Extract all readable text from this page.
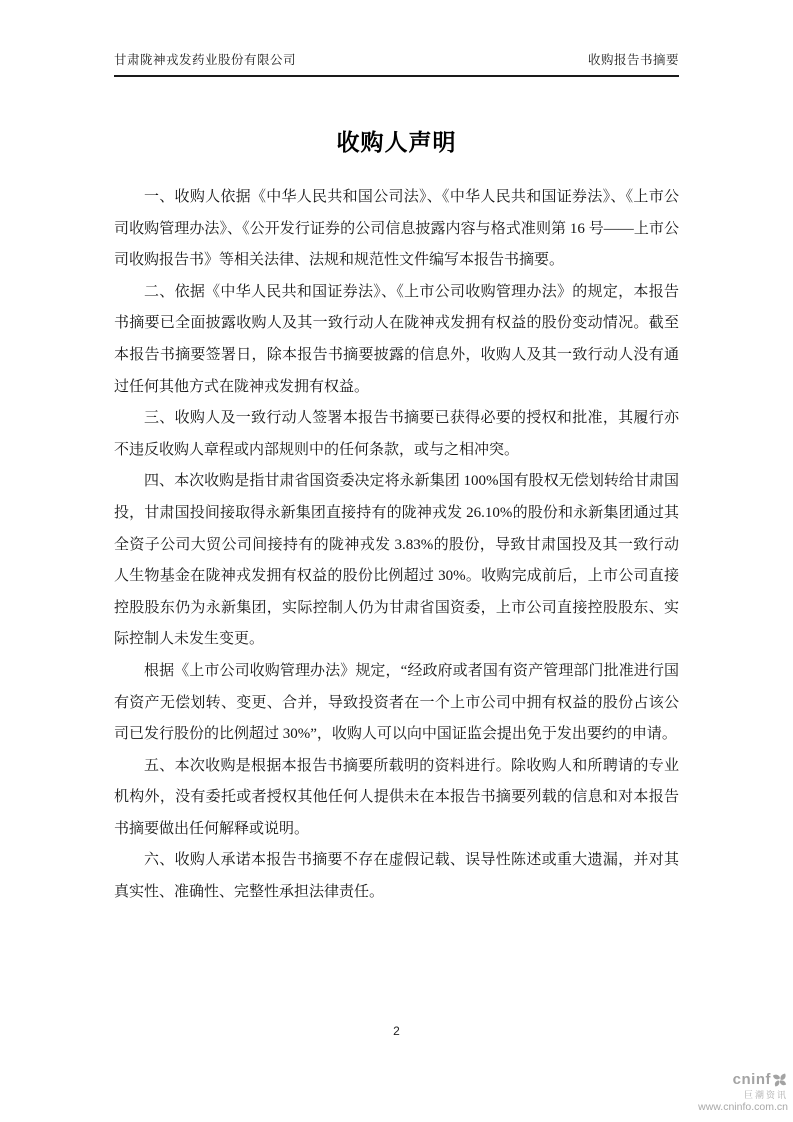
甘肃陇神戎发药业股份有限公司	收购报告书摘要
收购人声明

一、收购人依据《中华人民共和国公司法》、《中华人民共和国证券法》、《上市公司收购管理办法》、《公开发行证券的公司信息披露内容与格式准则第 16 号——上市公司收购报告书》等相关法律、法规和规范性文件编写本报告书摘要。

二、依据《中华人民共和国证券法》、《上市公司收购管理办法》的规定，本报告书摘要已全面披露收购人及其一致行动人在陇神戎发拥有权益的股份变动情况。截至本报告书摘要签署日，除本报告书摘要披露的信息外，收购人及其一致行动人没有通过任何其他方式在陇神戎发拥有权益。

三、收购人及一致行动人签署本报告书摘要已获得必要的授权和批准，其履行亦不违反收购人章程或内部规则中的任何条款，或与之相冲突。

四、本次收购是指甘肃省国资委决定将永新集团 100%国有股权无偿划转给甘肃国投，甘肃国投间接取得永新集团直接持有的陇神戎发 26.10%的股份和永新集团通过其全资子公司大贸公司间接持有的陇神戎发 3.83%的股份，导致甘肃国投及其一致行动人生物基金在陇神戎发拥有权益的股份比例超过 30%。收购完成前后，上市公司直接控股股东仍为永新集团，实际控制人仍为甘肃省国资委，上市公司直接控股股东、实际控制人未发生变更。

根据《上市公司收购管理办法》规定，“经政府或者国有资产管理部门批准进行国有资产无偿划转、变更、合并，导致投资者在一个上市公司中拥有权益的股份占该公司已发行股份的比例超过 30%”，收购人可以向中国证监会提出免于发出要约的申请。

五、本次收购是根据本报告书摘要所载明的资料进行。除收购人和所聘请的专业机构外，没有委托或者授权其他任何人提供未在本报告书摘要列载的信息和对本报告书摘要做出任何解释或说明。

六、收购人承诺本报告书摘要不存在虚假记载、误导性陈述或重大遗漏，并对其真实性、准确性、完整性承担法律责任。

2
cninf
巨潮资讯
www.cninfo.com.cn
